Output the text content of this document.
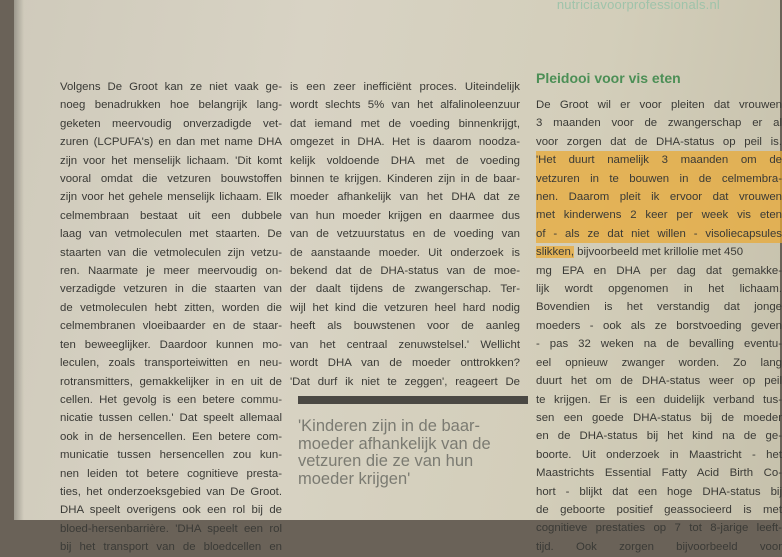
nutriciavoorprofessionals.nl
Volgens De Groot kan ze niet vaak ge-
noeg benadrukken hoe belangrijk lang-
geketen meervoudig onverzadigde vet-
zuren (LCPUFA's) en dan met name DHA
zijn voor het menselijk lichaam. 'Dit komt
vooral omdat die vetzuren bouwstoffen
zijn voor het gehele menselijk lichaam. Elk
celmembraan bestaat uit een dubbele
laag van vetmoleculen met staarten. De
staarten van die vetmoleculen zijn vetzu-
ren. Naarmate je meer meervoudig on-
verzadigde vetzuren in die staarten van
de vetmoleculen hebt zitten, worden die
celmembranen vloeibaarder en de staar-
ten beweeglijker. Daardoor kunnen mo-
leculen, zoals transporteiwitten en neu-
rotransmitters, gemakkelijker in en uit de
cellen. Het gevolg is een betere commu-
nicatie tussen cellen.' Dat speelt allemaal
ook in de hersencellen. Een betere com-
municatie tussen hersencellen zou kun-
nen leiden tot betere cognitieve presta-
ties, het onderzoeksgebied van De Groot.
DHA speelt overigens ook een rol bij de
bloed-hersenbarrière. 'DHA speelt een rol
bij het transport van de bloedcellen en
is een zeer inefficiënt proces. Uiteindelijk
wordt slechts 5% van het alfalinoleenzuur
dat iemand met de voeding binnenkrijgt,
omgezet in DHA. Het is daarom noodza-
kelijk voldoende DHA met de voeding
binnen te krijgen. Kinderen zijn in de baar-
moeder afhankelijk van het DHA dat ze
van hun moeder krijgen en daarmee dus
van de vetzuurstatus en de voeding van
de aanstaande moeder. Uit onderzoek is
bekend dat de DHA-status van de moe-
der daalt tijdens de zwangerschap. Ter-
wijl het kind die vetzuren heel hard nodig
heeft als bouwstenen voor de aanleg
van het centraal zenuwstelsel.' Wellicht
wordt DHA van de moeder onttrokken?
'Dat durf ik niet te zeggen', reageert De
'Kinderen zijn in de baar-
moeder afhankelijk van de
vetzuren die ze van hun
moeder krijgen'
Pleidooi voor vis eten
De Groot wil er voor pleiten dat vrouwen
3 maanden voor de zwangerschap er al
voor zorgen dat de DHA-status op peil is.
'Het duurt namelijk 3 maanden om de
vetzuren in te bouwen in de celmembra-
nen. Daarom pleit ik ervoor dat vrouwen
met kinderwens 2 keer per week vis eten
of - als ze dat niet willen - visoliecapsules
slikken, bijvoorbeeld met krillolie met 450
mg EPA en DHA per dag dat gemakke-
lijk wordt opgenomen in het lichaam.
Bovendien is het verstandig dat jonge
moeders - ook als ze borstvoeding geven
- pas 32 weken na de bevalling eventu-
eel opnieuw zwanger worden. Zo lang
duurt het om de DHA-status weer op peil
te krijgen. Er is een duidelijk verband tus-
sen een goede DHA-status bij de moeder
en de DHA-status bij het kind na de ge-
boorte. Uit onderzoek in Maastricht - het
Maastrichts Essential Fatty Acid Birth Co-
hort - blijkt dat een hoge DHA-status bij
de geboorte positief geassocieerd is met
cognitieve prestaties op 7 tot 8-jarige leeft-
tijd. Ook zorgen bijvoorbeeld voor
